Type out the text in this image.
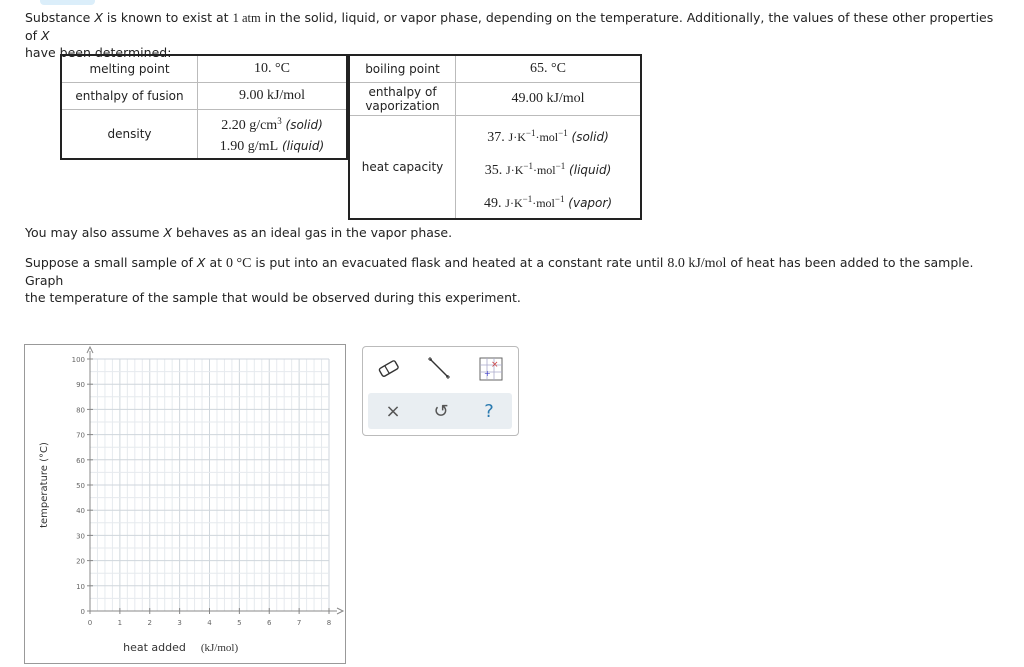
Substance X is known to exist at 1 atm in the solid, liquid, or vapor phase, depending on the temperature. Additionally, the values of these other properties of X
have been determined:

melting point	10. °C
enthalpy of fusion	9.00 kJ/mol
density	2.20 $g/cm^3$ (solid)
1.90 g/mL (liquid)
boiling point	65. °C
enthalpy of vaporization	49.00 kJ/mol
heat capacity	37. $J\cdot K^{-1}\cdot mol^{-1}$ (solid)
35. $J\cdot K^{-1}\cdot mol^{-1}$ (liquid)
49. $J\cdot K^{-1}\cdot mol^{-1}$ (vapor)

You may also assume X behaves as an ideal gas in the vapor phase.

Suppose a small sample of X at 0 °C is put into an evacuated flask and heated at a constant rate until 8.0 kJ/mol of heat has been added to the sample. Graph
the temperature of the sample that would be observed during this experiment.

0	1	2	3	4	5	6	7	8
0
10
20
30
40
50
60
70
80
90
100
temperature (°C)
heat added (kJ/mol)
×
+
× ↺ ?
